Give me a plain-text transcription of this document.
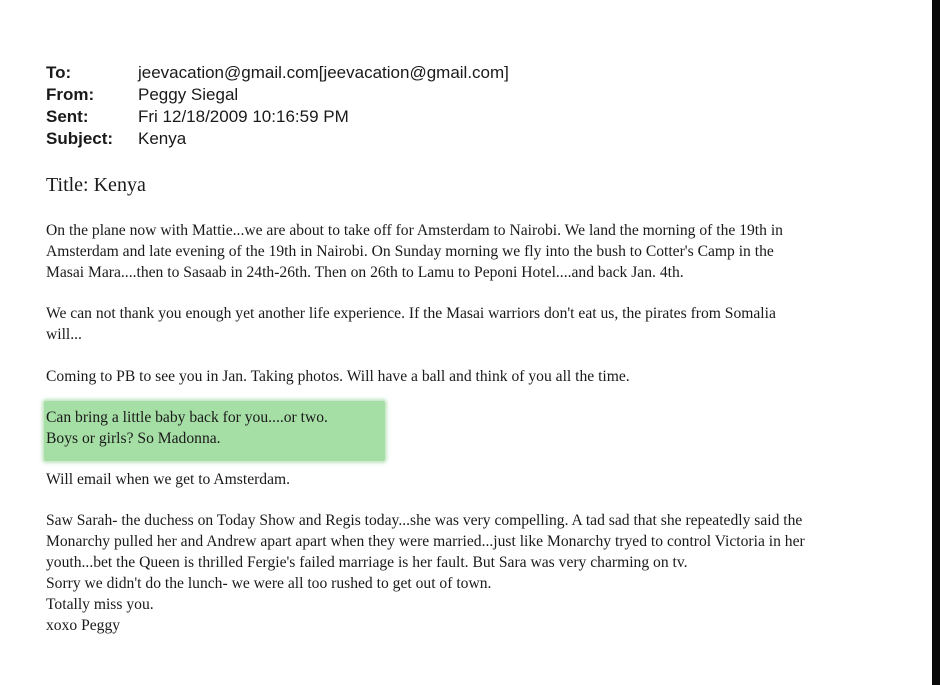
To:	jeevacation@gmail.com[jeevacation@gmail.com]
From:	Peggy Siegal
Sent:	Fri 12/18/2009 10:16:59 PM
Subject:	Kenya
Title: Kenya
On the plane now with Mattie...we are about to take off for Amsterdam to Nairobi. We land the morning of the 19th in
Amsterdam and late evening of the 19th in Nairobi. On Sunday morning we fly into the bush to Cotter's Camp in the
Masai Mara....then to Sasaab in 24th-26th. Then on 26th to Lamu to Peponi Hotel....and back Jan. 4th.
We can not thank you enough yet another life experience. If the Masai warriors don't eat us, the pirates from Somalia
will...
Coming to PB to see you in Jan. Taking photos. Will have a ball and think of you all the time.
Can bring a little baby back for you....or two.
Boys or girls? So Madonna.
Will email when we get to Amsterdam.
Saw Sarah- the duchess on Today Show and Regis today...she was very compelling. A tad sad that she repeatedly said the
Monarchy pulled her and Andrew apart apart when they were married...just like Monarchy tryed to control Victoria in her
youth...bet the Queen is thrilled Fergie's failed marriage is her fault. But Sara was very charming on tv.
Sorry we didn't do the lunch- we were all too rushed to get out of town.
Totally miss you.
xoxo Peggy
